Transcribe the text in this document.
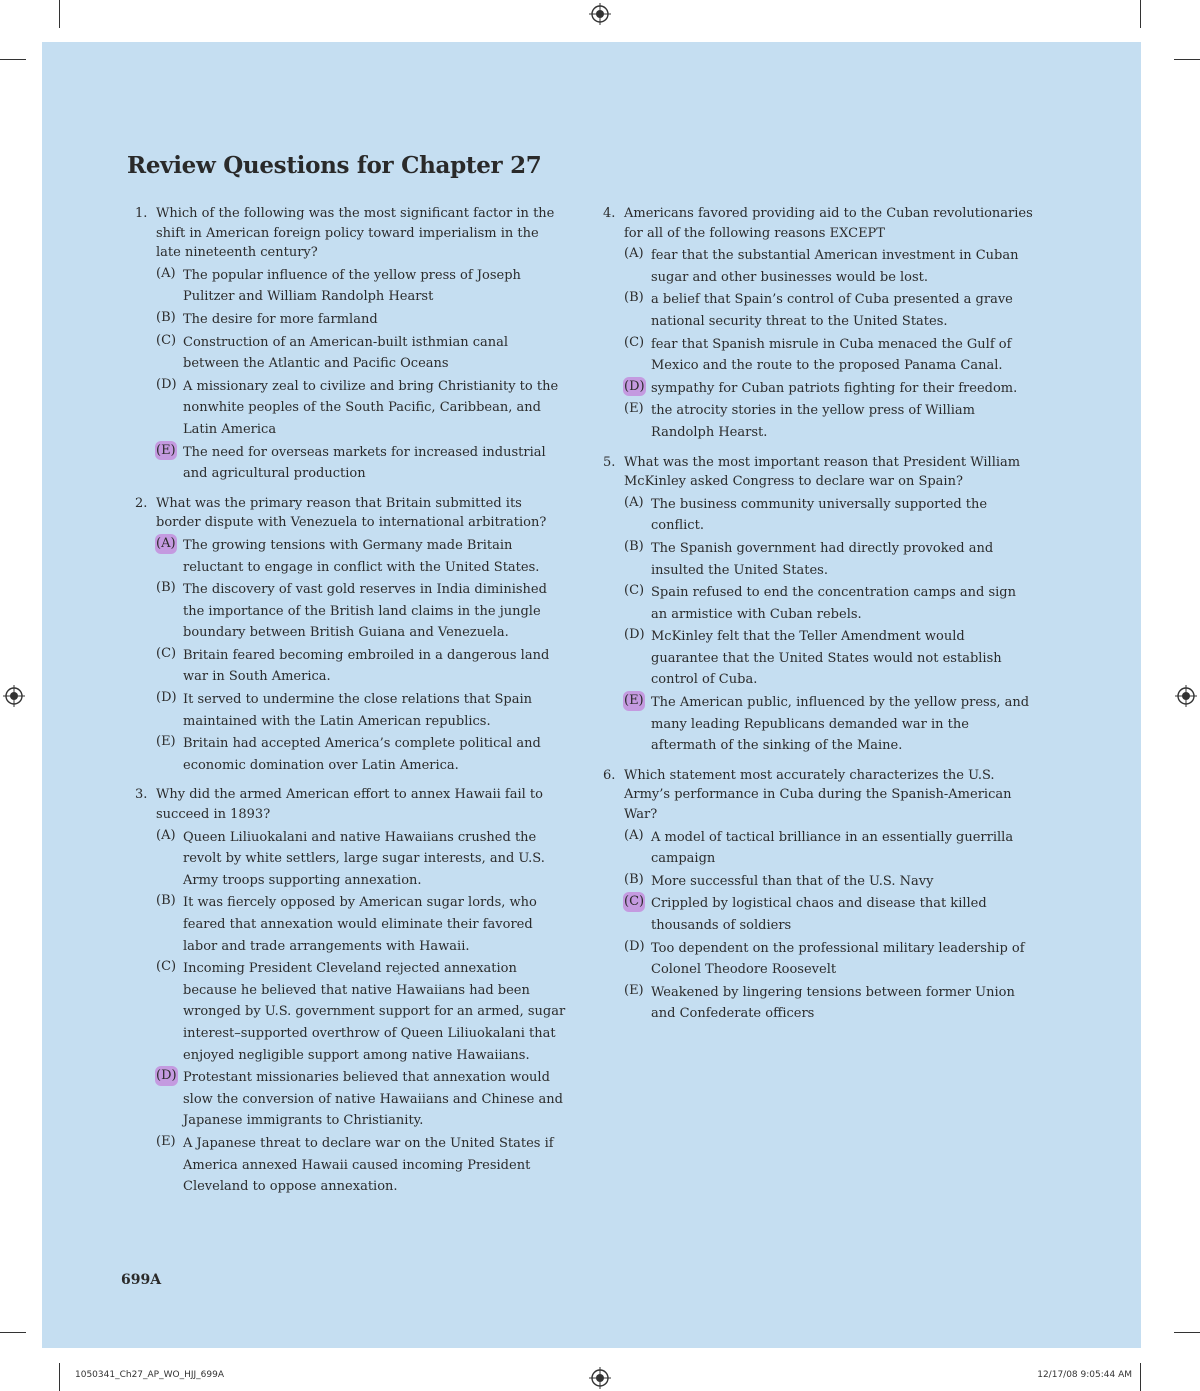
Review Questions for Chapter 27
1. Which of the following was the most significant factor in the shift in American foreign policy toward imperialism in the late nineteenth century?

(A) The popular influence of the yellow press of Joseph Pulitzer and William Randolph Hearst
(B) The desire for more farmland
(C) Construction of an American-built isthmian canal between the Atlantic and Pacific Oceans
(D) A missionary zeal to civilize and bring Christianity to the nonwhite peoples of the South Pacific, Caribbean, and Latin America
(E) The need for overseas markets for increased industrial and agricultural production
2. What was the primary reason that Britain submitted its border dispute with Venezuela to international arbitration?

(A) The growing tensions with Germany made Britain reluctant to engage in conflict with the United States.
(B) The discovery of vast gold reserves in India diminished the importance of the British land claims in the jungle boundary between British Guiana and Venezuela.
(C) Britain feared becoming embroiled in a dangerous land war in South America.
(D) It served to undermine the close relations that Spain maintained with the Latin American republics.
(E) Britain had accepted America’s complete political and economic domination over Latin America.
3. Why did the armed American effort to annex Hawaii fail to succeed in 1893?

(A) Queen Liliuokalani and native Hawaiians crushed the revolt by white settlers, large sugar interests, and U.S. Army troops supporting annexation.
(B) It was fiercely opposed by American sugar lords, who feared that annexation would eliminate their favored labor and trade arrangements with Hawaii.
(C) Incoming President Cleveland rejected annexation because he believed that native Hawaiians had been wronged by U.S. government support for an armed, sugar interest–supported overthrow of Queen Liliuokalani that enjoyed negligible support among native Hawaiians.
(D) Protestant missionaries believed that annexation would slow the conversion of native Hawaiians and Chinese and Japanese immigrants to Christianity.
(E) A Japanese threat to declare war on the United States if America annexed Hawaii caused incoming President Cleveland to oppose annexation.
4. Americans favored providing aid to the Cuban revolutionaries for all of the following reasons EXCEPT

(A) fear that the substantial American investment in Cuban sugar and other businesses would be lost.
(B) a belief that Spain’s control of Cuba presented a grave national security threat to the United States.
(C) fear that Spanish misrule in Cuba menaced the Gulf of Mexico and the route to the proposed Panama Canal.
(D) sympathy for Cuban patriots fighting for their freedom.
(E) the atrocity stories in the yellow press of William Randolph Hearst.
5. What was the most important reason that President William McKinley asked Congress to declare war on Spain?

(A) The business community universally supported the conflict.
(B) The Spanish government had directly provoked and insulted the United States.
(C) Spain refused to end the concentration camps and sign an armistice with Cuban rebels.
(D) McKinley felt that the Teller Amendment would guarantee that the United States would not establish control of Cuba.
(E) The American public, influenced by the yellow press, and many leading Republicans demanded war in the aftermath of the sinking of the Maine.
6. Which statement most accurately characterizes the U.S. Army’s performance in Cuba during the Spanish-American War?

(A) A model of tactical brilliance in an essentially guerrilla campaign
(B) More successful than that of the U.S. Navy
(C) Crippled by logistical chaos and disease that killed thousands of soldiers
(D) Too dependent on the professional military leadership of Colonel Theodore Roosevelt
(E) Weakened by lingering tensions between former Union and Confederate officers
699A
1050341_Ch27_AP_WO_HJJ_699A	12/17/08 9:05:44 AM
